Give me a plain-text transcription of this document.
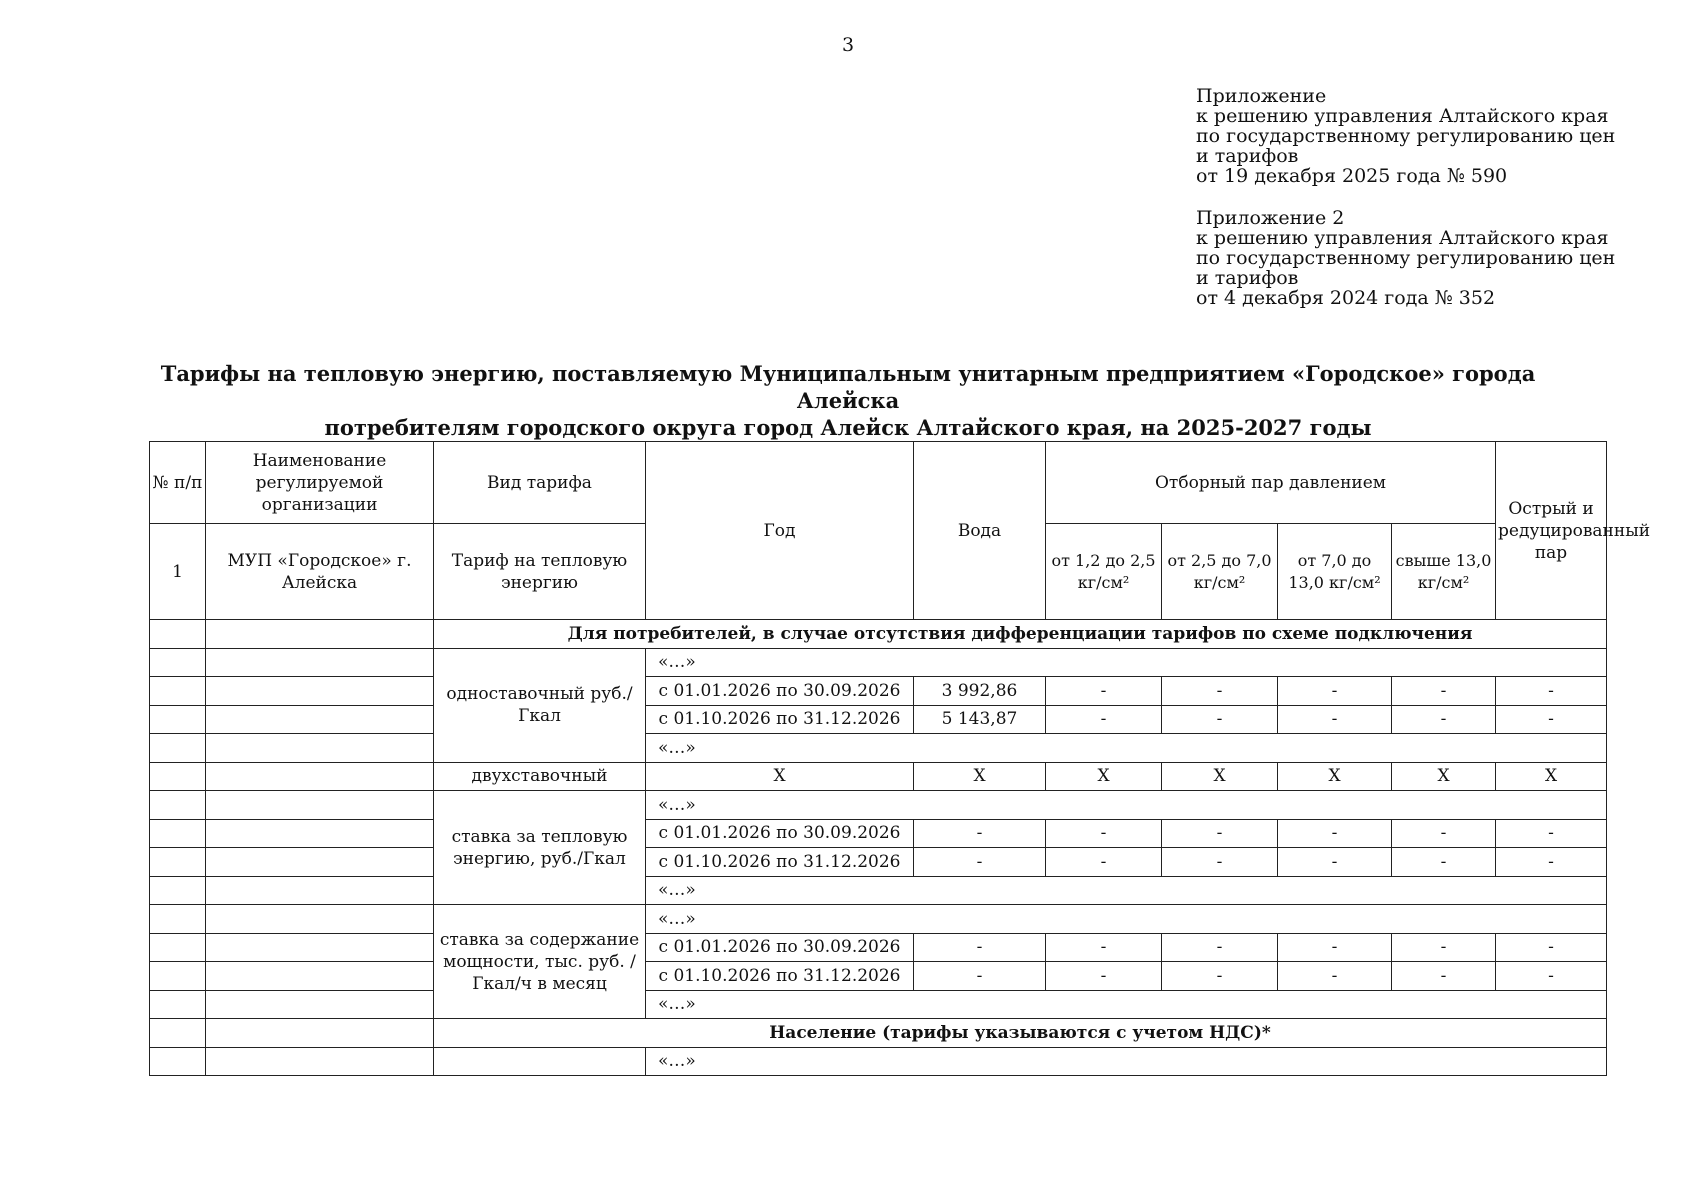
3
Приложение
к решению управления Алтайского края
по государственному регулированию цен
и тарифов
от 19 декабря 2025 года № 590
Приложение 2
к решению управления Алтайского края
по государственному регулированию цен
и тарифов
от 4 декабря 2024 года № 352
Тарифы на тепловую энергию, поставляемую Муниципальным унитарным предприятием «Городское» города Алейска
потребителям городского округа город Алейск Алтайского края, на 2025-2027 годы
№ п/п	Наименование регулируемой организации	Вид тарифа	Год	Вода	Отборный пар давлением				Острый и редуцированный пар
1	МУП «Городское» г. Алейска	Тариф на тепловую энергию			от 1,2 до 2,5 кг/см²	от 2,5 до 7,0 кг/см²	от 7,0 до 13,0 кг/см²	свыше 13,0 кг/см²	
		Для потребителей, в случае отсутствия дифференциации тарифов по схеме подключения							
		одноставочный руб./Гкал	«…»						
			с 01.01.2026 по 30.09.2026	3 992,86	-	-	-	-	-
			с 01.10.2026 по 31.12.2026	5 143,87	-	-	-	-	-
			«…»						
		двухставочный	X	X	X	X	X	X	X
		ставка за тепловую энергию, руб./Гкал	«…»						
			с 01.01.2026 по 30.09.2026	-	-	-	-	-	-
			с 01.10.2026 по 31.12.2026	-	-	-	-	-	-
			«…»						
		ставка за содержание мощности, тыс. руб. /Гкал/ч в месяц	«…»						
			с 01.01.2026 по 30.09.2026	-	-	-	-	-	-
			с 01.10.2026 по 31.12.2026	-	-	-	-	-	-
			«…»						
		Население (тарифы указываются с учетом НДС)*							
			«…»						
